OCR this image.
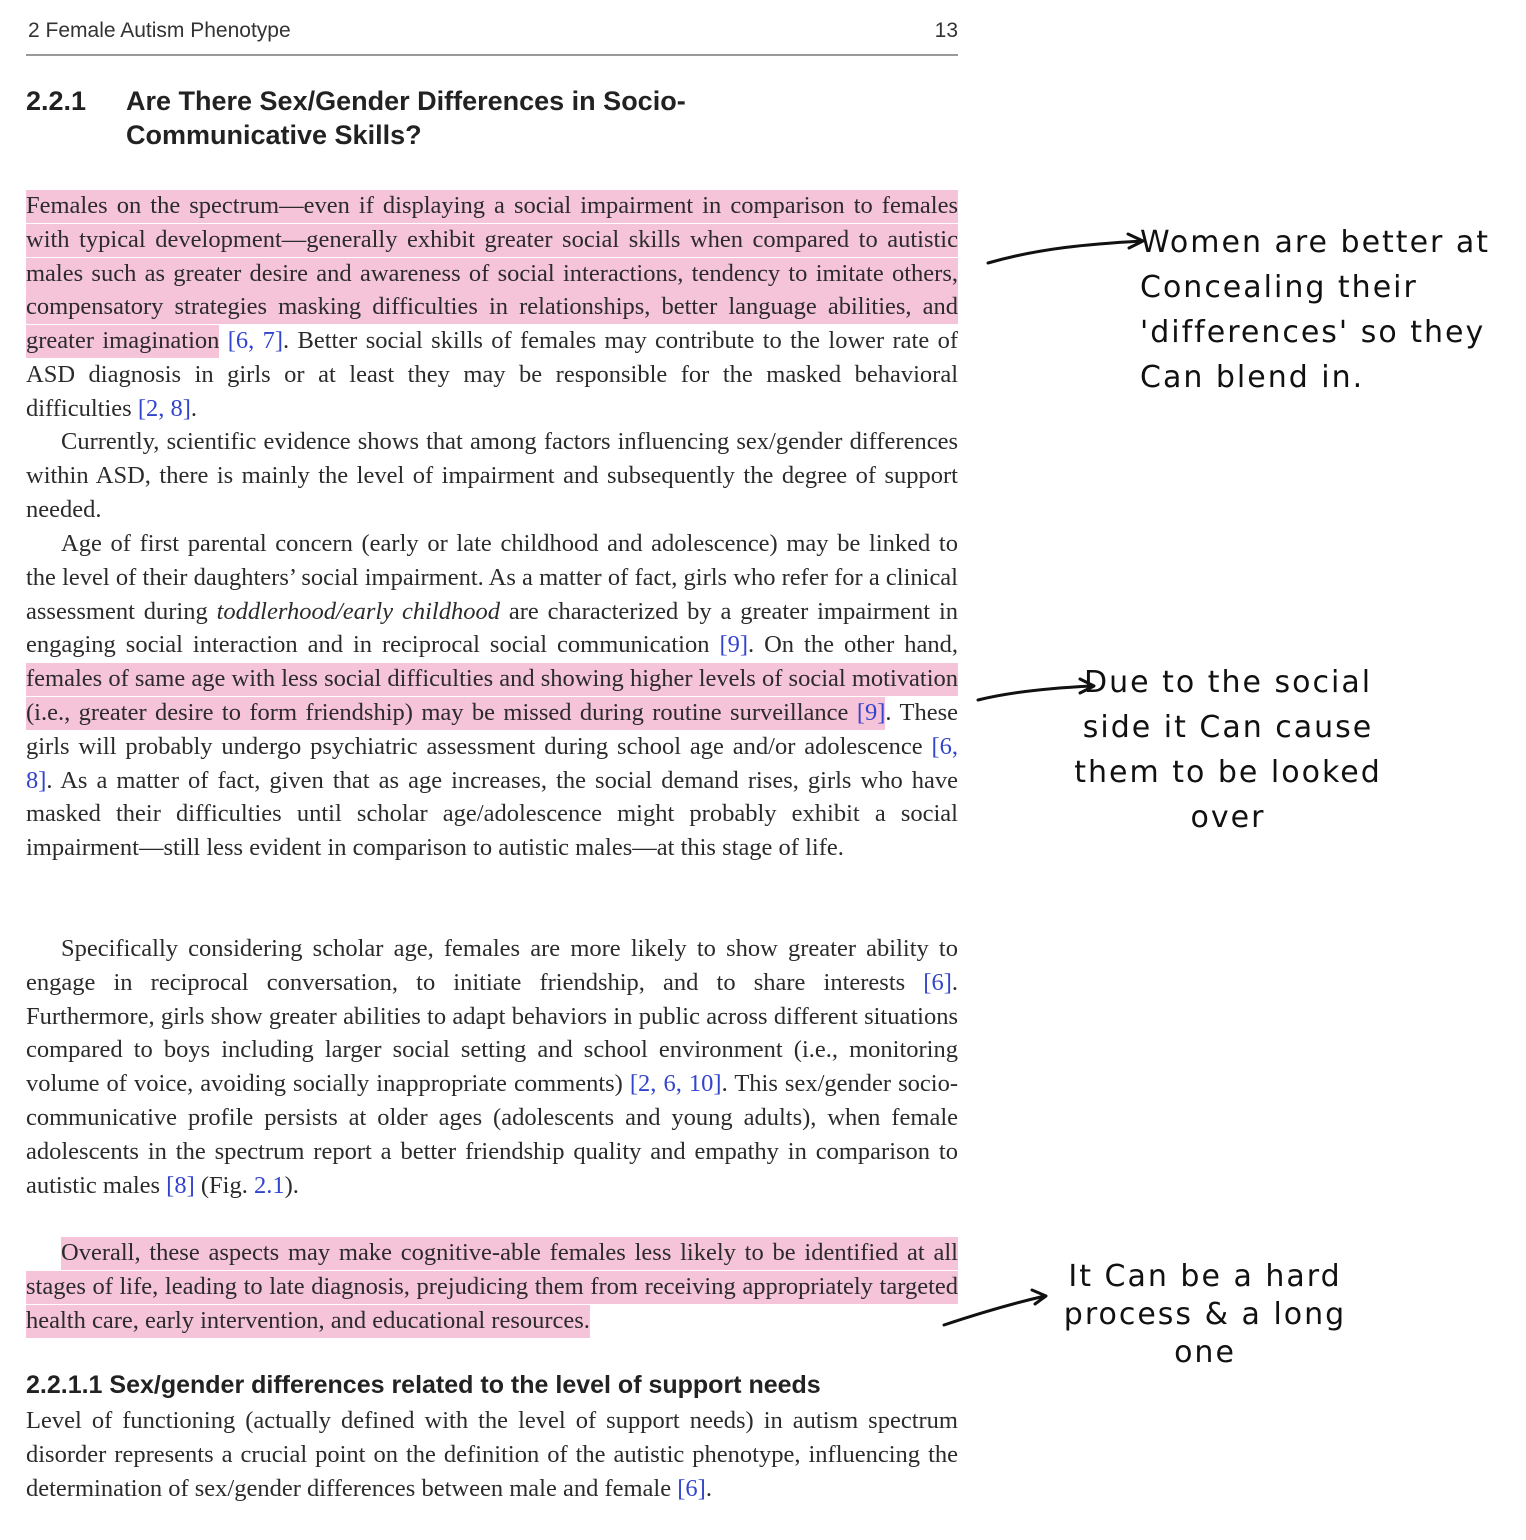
2 Female Autism Phenotype	13
2.2.1 Are There Sex/Gender Differences in Socio-Communicative Skills?

Females on the spectrum—even if displaying a social impairment in comparison to females with typical development—generally exhibit greater social skills when compared to autistic males such as greater desire and awareness of social interactions, tendency to imitate others, compensatory strategies masking difficulties in relationships, better language abilities, and greater imagination [6, 7]. Better social skills of females may contribute to the lower rate of ASD diagnosis in girls or at least they may be responsible for the masked behavioral difficulties [2, 8].

Currently, scientific evidence shows that among factors influencing sex/gender differences within ASD, there is mainly the level of impairment and subsequently the degree of support needed.

Age of first parental concern (early or late childhood and adolescence) may be linked to the level of their daughters’ social impairment. As a matter of fact, girls who refer for a clinical assessment during toddlerhood/early childhood are characterized by a greater impairment in engaging social interaction and in reciprocal social communication [9]. On the other hand, females of same age with less social difficulties and showing higher levels of social motivation (i.e., greater desire to form friendship) may be missed during routine surveillance [9]. These girls will probably undergo psychiatric assessment during school age and/or adolescence [6, 8]. As a matter of fact, given that as age increases, the social demand rises, girls who have masked their difficulties until scholar age/adolescence might probably exhibit a social impairment—still less evident in comparison to autistic males—at this stage of life.

Specifically considering scholar age, females are more likely to show greater ability to engage in reciprocal conversation, to initiate friendship, and to share interests [6]. Furthermore, girls show greater abilities to adapt behaviors in public across different situations compared to boys including larger social setting and school environment (i.e., monitoring volume of voice, avoiding socially inappropriate comments) [2, 6, 10]. This sex/gender socio-communicative profile persists at older ages (adolescents and young adults), when female adolescents in the spectrum report a better friendship quality and empathy in comparison to autistic males [8] (Fig. 2.1).

Overall, these aspects may make cognitive-able females less likely to be identified at all stages of life, leading to late diagnosis, prejudicing them from receiving appropriately targeted health care, early intervention, and educational resources.

2.2.1.1 Sex/gender differences related to the level of support needs

Level of functioning (actually defined with the level of support needs) in autism spectrum disorder represents a crucial point on the definition of the autistic phenotype, influencing the determination of sex/gender differences between male and female [6].

Women are better at Concealing their 'differences' so they Can blend in.
Due to the social side it Can cause them to be looked over
It Can be a hard process & a long one
